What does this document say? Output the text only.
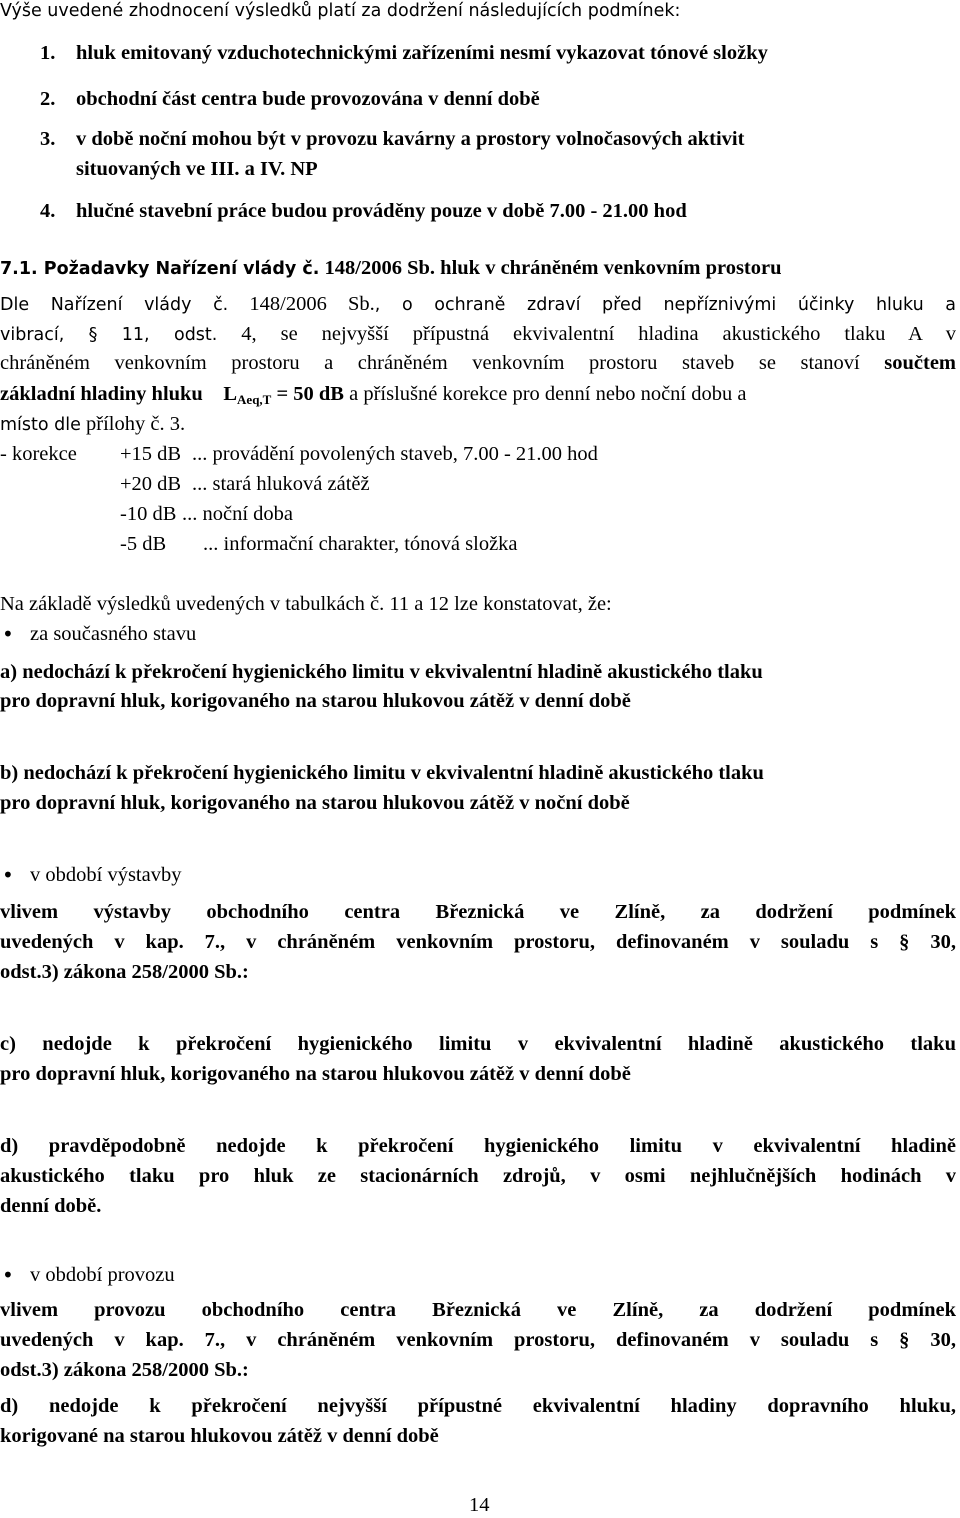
Výše uvedené zhodnocení výsledků platí za dodržení následujících podmínek:
1. hluk emitovaný vzduchotechnickými zařízeními nesmí vykazovat tónové složky
2. obchodní část centra bude provozována v denní době
3. v době noční mohou být v provozu kavárny a prostory volnočasových aktivit
situovaných ve III. a IV. NP
4. hlučné stavební práce budou prováděny pouze v době 7.00 - 21.00 hod
7.1. Požadavky Nařízení vlády č. 148/2006 Sb. hluk v chráněném venkovním prostoru
Dle Nařízení vlády č. 148/2006 Sb., o ochraně zdraví před nepříznivými účinky hluku a
vibrací, § 11, odst. 4, se nejvyšší přípustná ekvivalentní hladina akustického tlaku A v
chráněném venkovním prostoru a chráněném venkovním prostoru staveb se stanoví součtem
základní hladiny hluku $L_{Aeq,T} = 50$ dB a příslušné korekce pro denní nebo noční dobu a
místo dle přílohy č. 3.
- korekce +15 dB ... provádění povolených staveb, 7.00 - 21.00 hod
+20 dB ... stará hluková zátěž
-10 dB ... noční doba
-5 dB ... informační charakter, tónová složka
Na základě výsledků uvedených v tabulkách č. 11 a 12 lze konstatovat, že:
• za současného stavu
a) nedochází k překročení hygienického limitu v ekvivalentní hladině akustického tlaku
pro dopravní hluk, korigovaného na starou hlukovou zátěž v denní době
b) nedochází k překročení hygienického limitu v ekvivalentní hladině akustického tlaku
pro dopravní hluk, korigovaného na starou hlukovou zátěž v noční době
• v období výstavby
vlivem výstavby obchodního centra Březnická ve Zlíně, za dodržení podmínek
uvedených v kap. 7., v chráněném venkovním prostoru, definovaném v souladu s § 30,
odst.3) zákona 258/2000 Sb.:
c) nedojde k překročení hygienického limitu v ekvivalentní hladině akustického tlaku
pro dopravní hluk, korigovaného na starou hlukovou zátěž v denní době
d) pravděpodobně nedojde k překročení hygienického limitu v ekvivalentní hladině
akustického tlaku pro hluk ze stacionárních zdrojů, v osmi nejhlučnějších hodinách v
denní době.
• v období provozu
vlivem provozu obchodního centra Březnická ve Zlíně, za dodržení podmínek
uvedených v kap. 7., v chráněném venkovním prostoru, definovaném v souladu s § 30,
odst.3) zákona 258/2000 Sb.:
d) nedojde k překročení nejvyšší přípustné ekvivalentní hladiny dopravního hluku,
korigované na starou hlukovou zátěž v denní době
14
